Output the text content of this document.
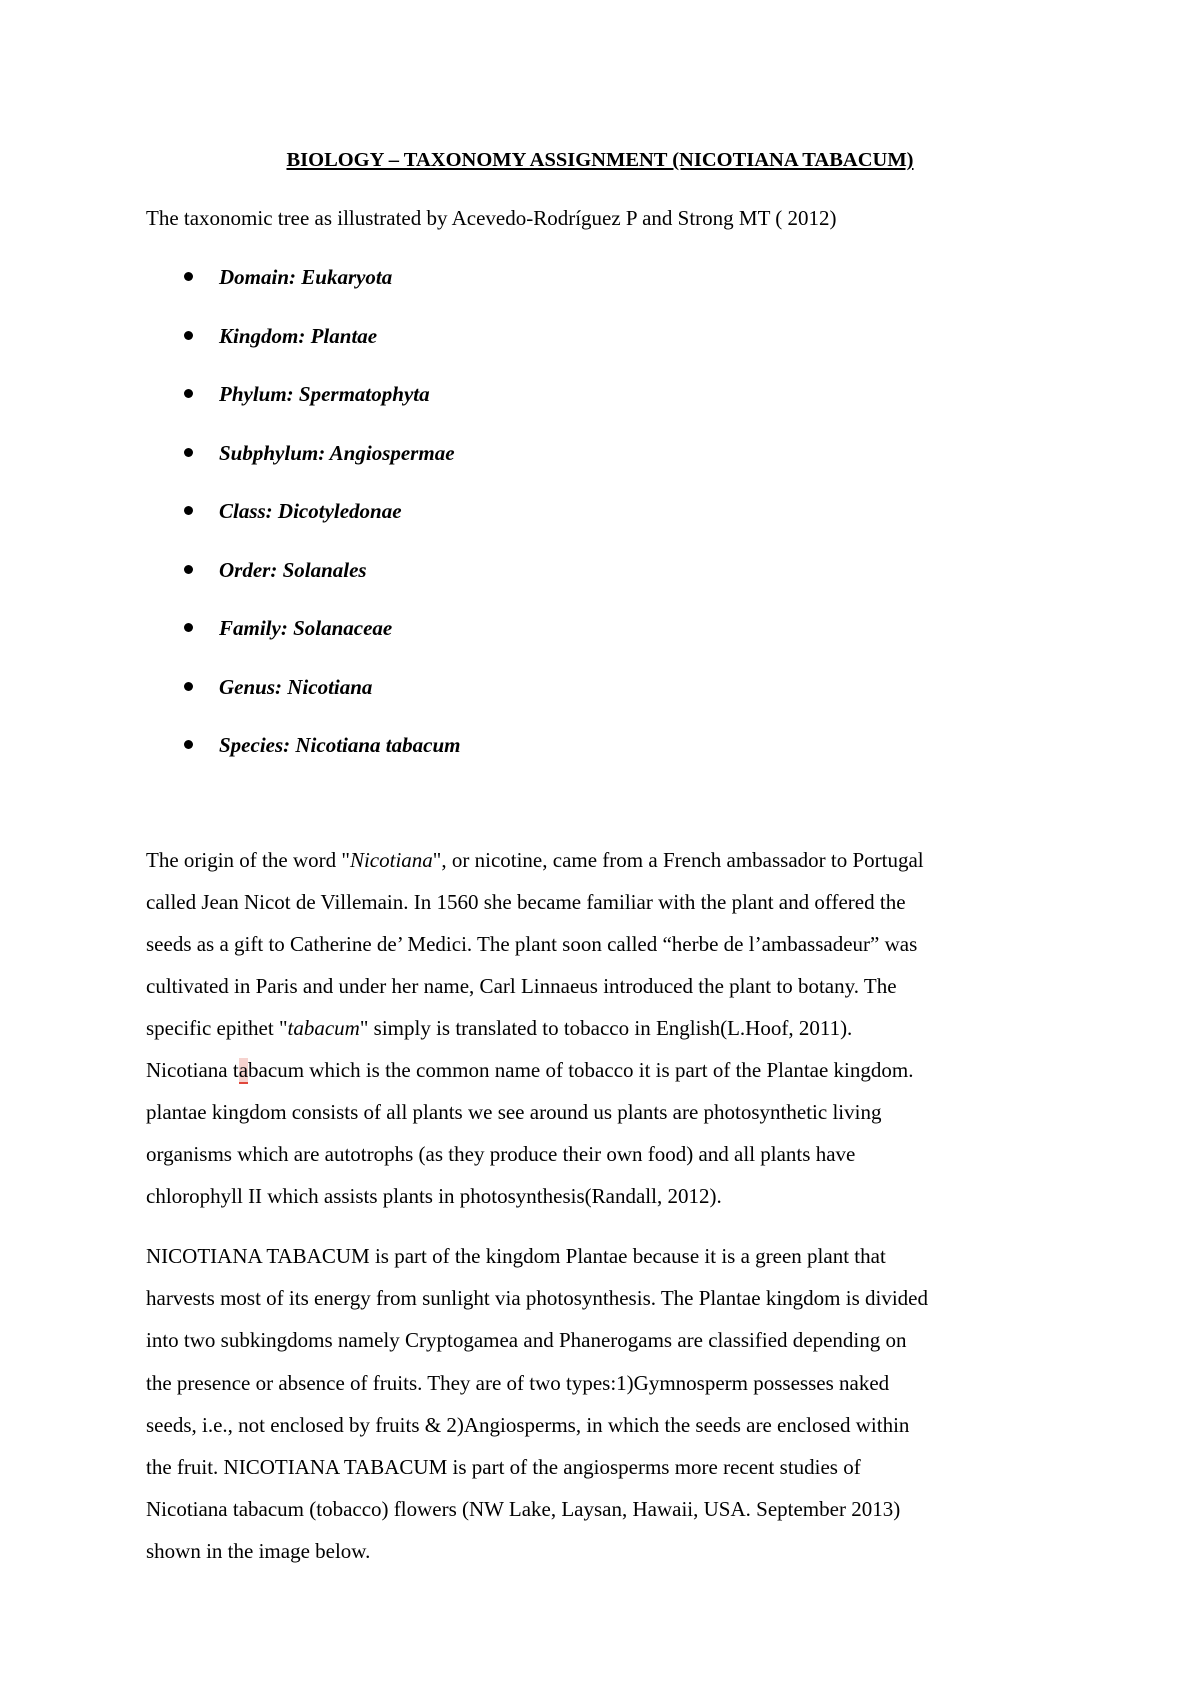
BIOLOGY – TAXONOMY ASSIGNMENT (NICOTIANA TABACUM)

The taxonomic tree as illustrated by Acevedo-Rodríguez P and Strong MT ( 2012)

Domain: Eukaryota
Kingdom: Plantae
Phylum: Spermatophyta
Subphylum: Angiospermae
Class: Dicotyledonae
Order: Solanales
Family: Solanaceae
Genus: Nicotiana
Species: Nicotiana tabacum

The origin of the word "Nicotiana", or nicotine, came from a French ambassador to Portugal
called Jean Nicot de Villemain. In 1560 she became familiar with the plant and offered the
seeds as a gift to Catherine de’ Medici. The plant soon called “herbe de l’ambassadeur” was
cultivated in Paris and under her name, Carl Linnaeus introduced the plant to botany. The
specific epithet "tabacum" simply is translated to tobacco in English(L.Hoof, 2011).
Nicotiana tabacum which is the common name of tobacco it is part of the Plantae kingdom.
plantae kingdom consists of all plants we see around us plants are photosynthetic living
organisms which are autotrophs (as they produce their own food) and all plants have
chlorophyll II which assists plants in photosynthesis(Randall, 2012).

NICOTIANA TABACUM is part of the kingdom Plantae because it is a green plant that
harvests most of its energy from sunlight via photosynthesis. The Plantae kingdom is divided
into two subkingdoms namely Cryptogamea and Phanerogams are classified depending on
the presence or absence of fruits. They are of two types:1)Gymnosperm possesses naked
seeds, i.e., not enclosed by fruits & 2)Angiosperms, in which the seeds are enclosed within
the fruit. NICOTIANA TABACUM is part of the angiosperms more recent studies of
Nicotiana tabacum (tobacco) flowers (NW Lake, Laysan, Hawaii, USA. September 2013)
shown in the image below.
